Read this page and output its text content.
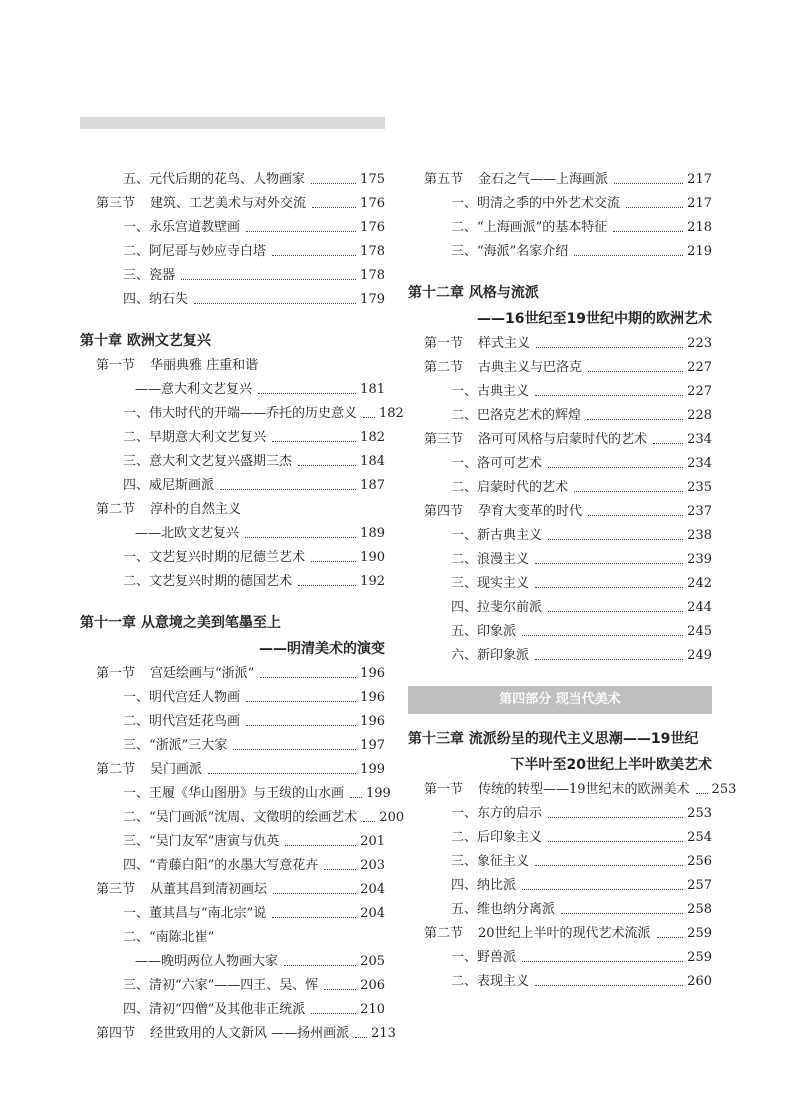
五、元代后期的花鸟、人物画家	175
第三节 建筑、工艺美术与对外交流	176
一、永乐宫道教壁画	176
二、阿尼哥与妙应寺白塔	178
三、瓷器	178
四、纳石失	179
第十章 欧洲文艺复兴
第一节 华丽典雅 庄重和谐
——意大利文艺复兴	181
一、伟大时代的开端——乔托的历史意义 182
二、早期意大利文艺复兴	182
三、意大利文艺复兴盛期三杰	184
四、威尼斯画派	187
第二节 淳朴的自然主义
——北欧文艺复兴	189
一、文艺复兴时期的尼德兰艺术	190
二、文艺复兴时期的德国艺术	192
第十一章 从意境之美到笔墨至上
——明清美术的演变
第一节 宫廷绘画与“浙派”	196
一、明代宫廷人物画	196
二、明代宫廷花鸟画	196
三、“浙派”三大家	197
第二节 吴门画派	199
一、王履《华山图册》与王绂的山水画 199
二、“吴门画派”沈周、文徵明的绘画艺术 200
三、“吴门友军”唐寅与仇英	201
四、“青藤白阳”的水墨大写意花卉	203
第三节 从董其昌到清初画坛	204
一、董其昌与“南北宗”说	204
二、“南陈北崔”
——晚明两位人物画大家	205
三、清初“六家”——四王、吴、恽	206
四、清初“四僧”及其他非正统派	210
第四节 经世致用的人文新风 ——扬州画派 213
第五节 金石之气——上海画派	217
一、明清之季的中外艺术交流	217
二、“上海画派”的基本特征	218
三、“海派”名家介绍	219
第十二章 风格与流派
——16世纪至19世纪中期的欧洲艺术
第一节 样式主义	223
第二节 古典主义与巴洛克	227
一、古典主义	227
二、巴洛克艺术的辉煌	228
第三节 洛可可风格与启蒙时代的艺术	234
一、洛可可艺术	234
二、启蒙时代的艺术	235
第四节 孕育大变革的时代	237
一、新古典主义	238
二、浪漫主义	239
三、现实主义	242
四、拉斐尔前派	244
五、印象派	245
六、新印象派	249
第四部分 现当代美术
第十三章 流派纷呈的现代主义思潮——19世纪
下半叶至20世纪上半叶欧美艺术
第一节 传统的转型——19世纪末的欧洲美术 253
一、东方的启示	253
二、后印象主义	254
三、象征主义	256
四、纳比派	257
五、维也纳分离派	258
第二节 20世纪上半叶的现代艺术流派	259
一、野兽派	259
二、表现主义	260
